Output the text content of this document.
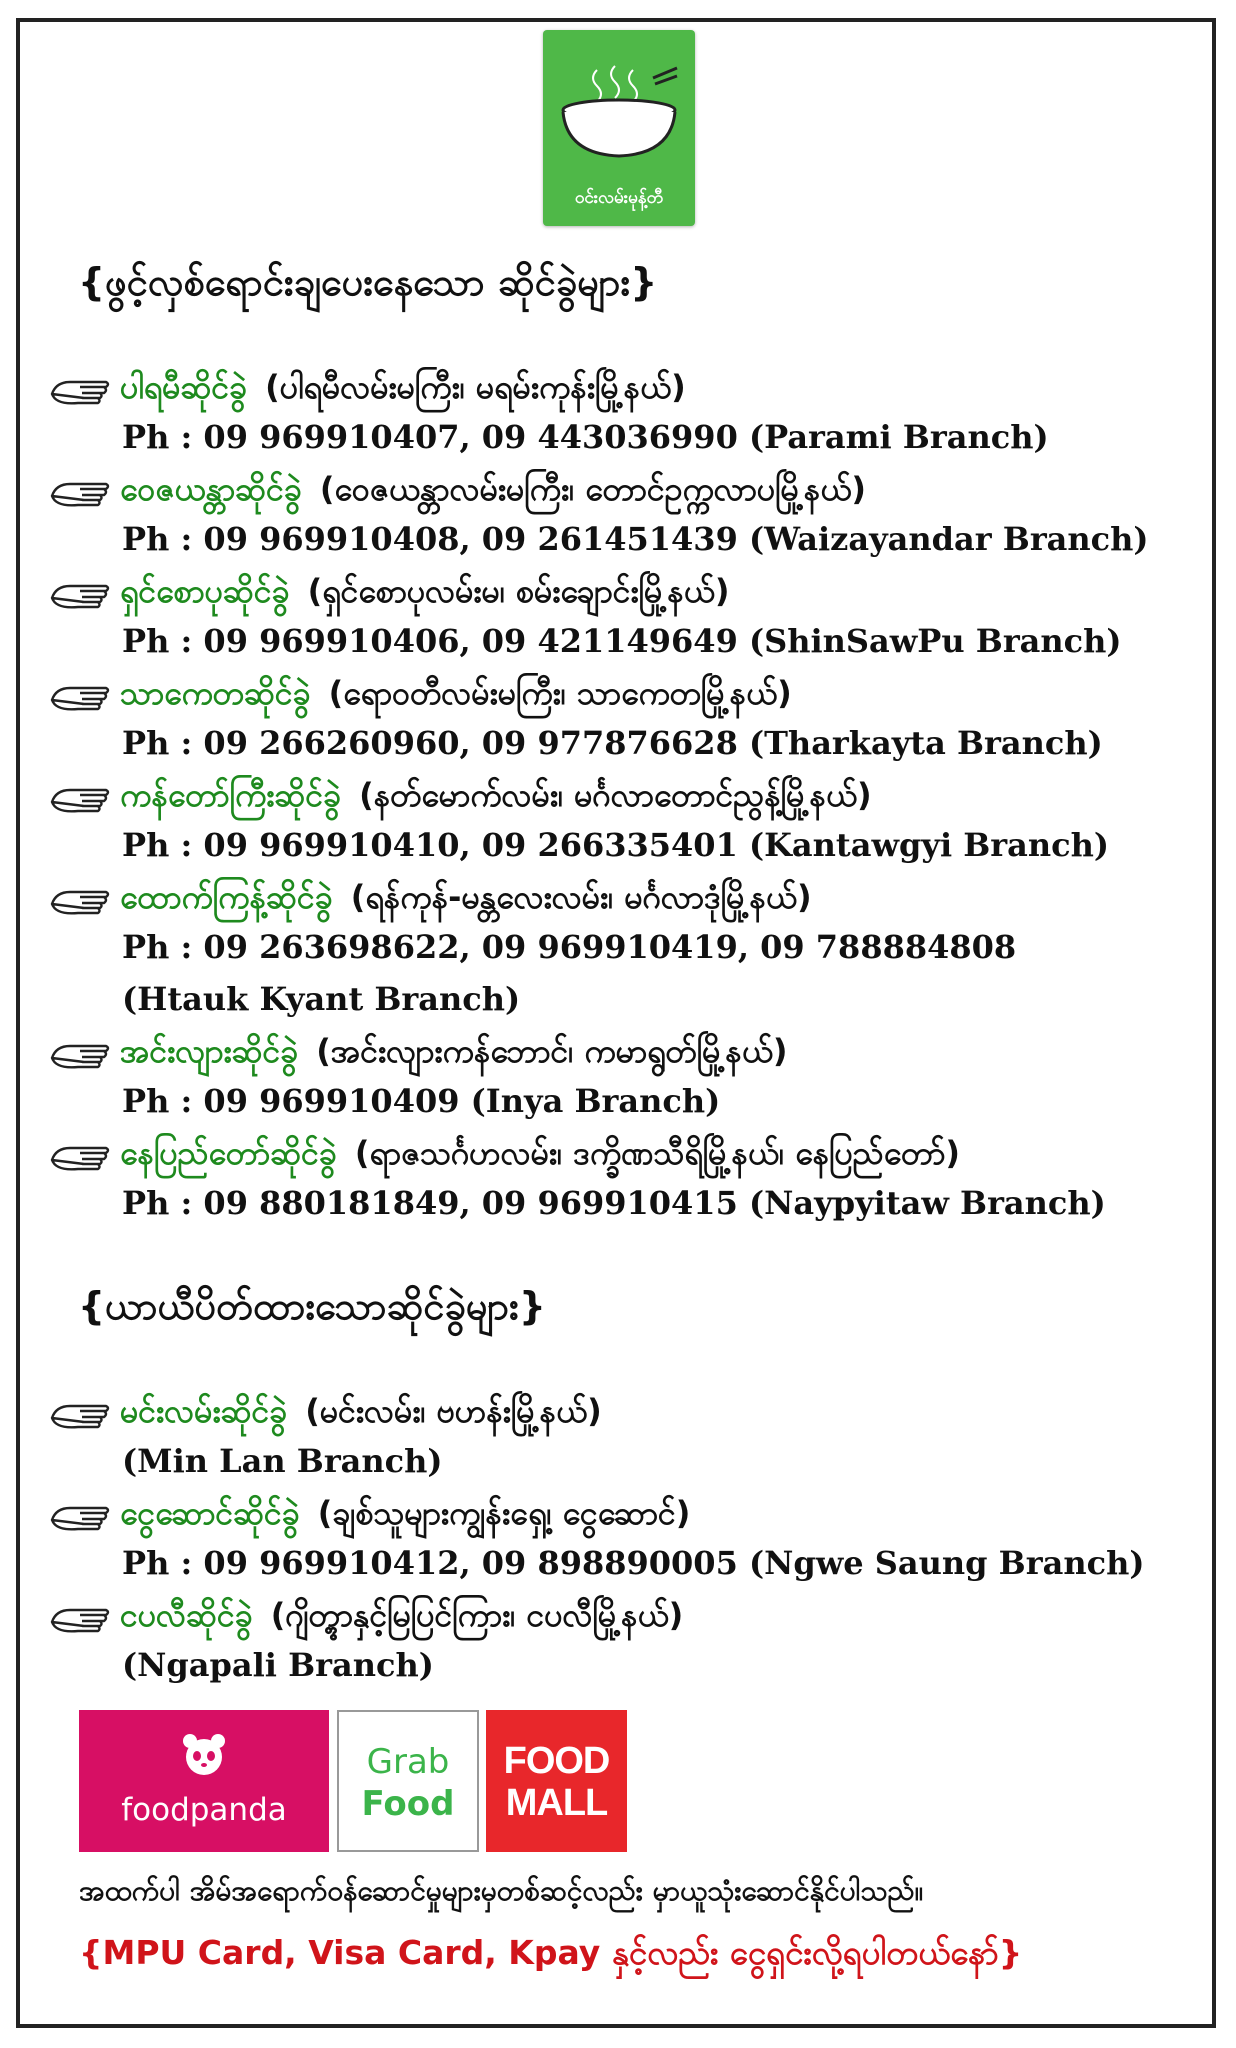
ဝင်းလမ်းမုန့်တီ
{ဖွင့်လှစ်ရောင်းချပေးနေသော ဆိုင်ခွဲများ}
ပါရမီဆိုင်ခွဲ (ပါရမီလမ်းမကြီး၊ မရမ်းကုန်းမြို့နယ်)
Ph : 09 969910407, 09 443036990 (Parami Branch)
ဝေဇယန္တာဆိုင်ခွဲ (ဝေဇယန္တာလမ်းမကြီး၊ တောင်ဥက္ကလာပမြို့နယ်)
Ph : 09 969910408, 09 261451439 (Waizayandar Branch)
ရှင်စောပုဆိုင်ခွဲ (ရှင်စောပုလမ်းမ၊ စမ်းချောင်းမြို့နယ်)
Ph : 09 969910406, 09 421149649 (ShinSawPu Branch)
သာကေတဆိုင်ခွဲ (ရောဝတီလမ်းမကြီး၊ သာကေတမြို့နယ်)
Ph : 09 266260960, 09 977876628 (Tharkayta Branch)
ကန်တော်ကြီးဆိုင်ခွဲ (နတ်မောက်လမ်း၊ မင်္ဂလာတောင်ညွန့်မြို့နယ်)
Ph : 09 969910410, 09 266335401 (Kantawgyi Branch)
ထောက်ကြန့်ဆိုင်ခွဲ (ရန်ကုန်-မန္တလေးလမ်း၊ မင်္ဂလာဒုံမြို့နယ်)
Ph : 09 263698622, 09 969910419, 09 788884808
(Htauk Kyant Branch)
အင်းလျားဆိုင်ခွဲ (အင်းလျားကန်ဘောင်၊ ကမာရွတ်မြို့နယ်)
Ph : 09 969910409 (Inya Branch)
နေပြည်တော်ဆိုင်ခွဲ (ရာဇသင်္ဂဟလမ်း၊ ဒက္ခိဏသီရိမြို့နယ်၊ နေပြည်တော်)
Ph : 09 880181849, 09 969910415 (Naypyitaw Branch)
{ယာယီပိတ်ထားသောဆိုင်ခွဲများ}
မင်းလမ်းဆိုင်ခွဲ (မင်းလမ်း၊ ဗဟန်းမြို့နယ်)
(Min Lan Branch)
ငွေဆောင်ဆိုင်ခွဲ (ချစ်သူများကျွန်းရှေ့၊ ငွေဆောင်)
Ph : 09 969910412, 09 898890005 (Ngwe Saung Branch)
ငပလီဆိုင်ခွဲ (ဂျိတ္တွာနှင့်မြပြင်ကြား၊ ငပလီမြို့နယ်)
(Ngapali Branch)
foodpanda
Grab
Food
FOOD
MALL
အထက်ပါ အိမ်အရောက်ဝန်ဆောင်မှုများမှတစ်ဆင့်လည်း မှာယူသုံးဆောင်နိုင်ပါသည်။
{MPU Card, Visa Card, Kpay နှင့်လည်း ငွေရှင်းလို့ရပါတယ်နော်}
